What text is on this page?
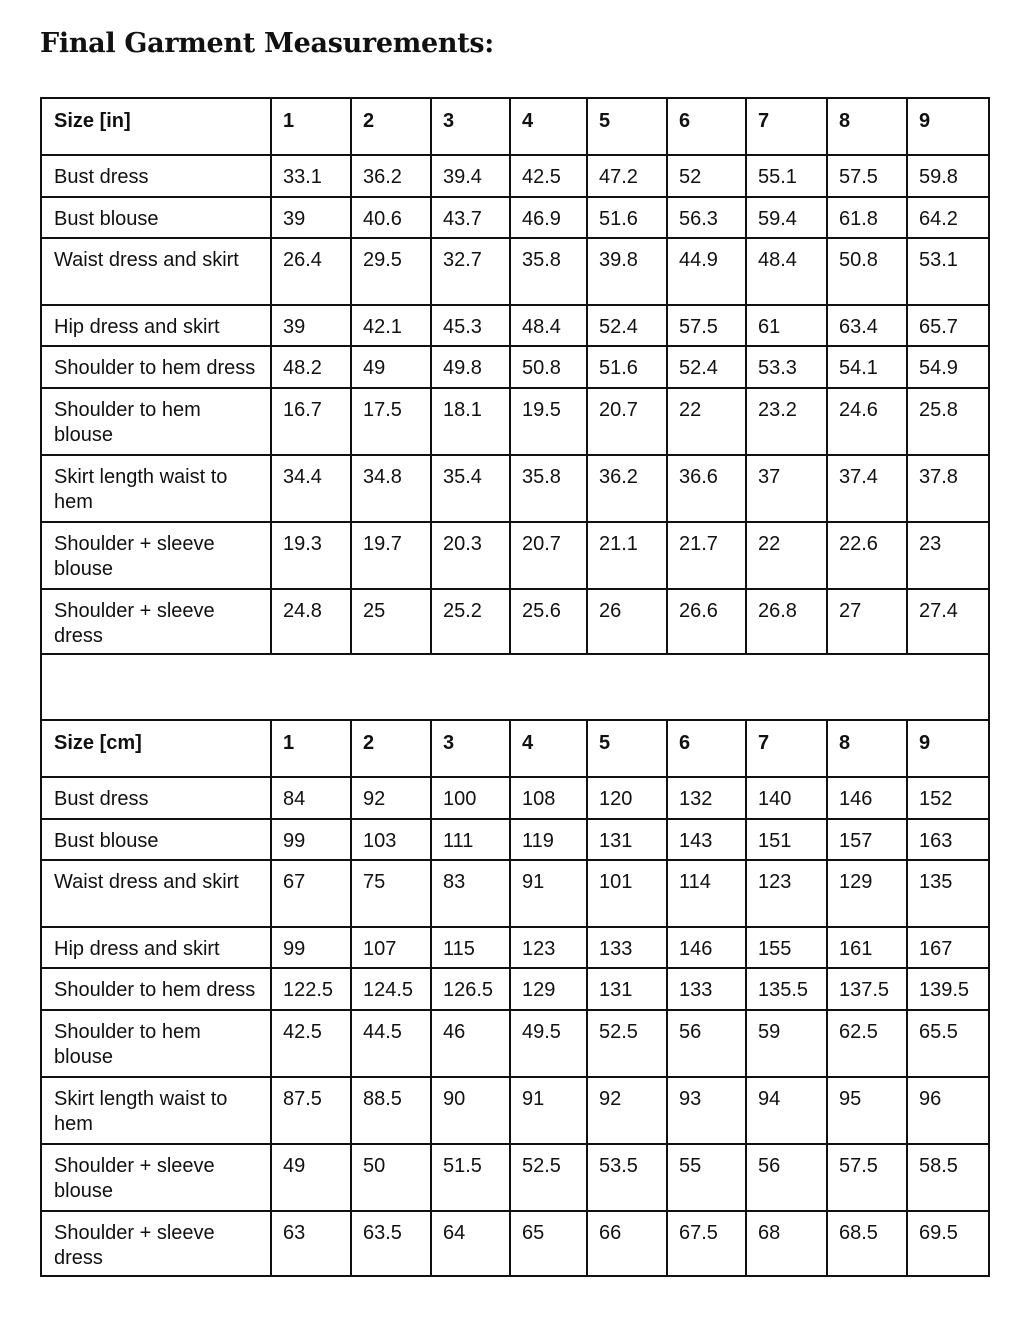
Final Garment Measurements:
Size [in]	1	2	3	4	5	6	7	8	9
Bust dress	33.1	36.2	39.4	42.5	47.2	52	55.1	57.5	59.8
Bust blouse	39	40.6	43.7	46.9	51.6	56.3	59.4	61.8	64.2
Waist dress and skirt	26.4	29.5	32.7	35.8	39.8	44.9	48.4	50.8	53.1
Hip dress and skirt	39	42.1	45.3	48.4	52.4	57.5	61	63.4	65.7
Shoulder to hem dress	48.2	49	49.8	50.8	51.6	52.4	53.3	54.1	54.9
Shoulder to hem blouse	16.7	17.5	18.1	19.5	20.7	22	23.2	24.6	25.8
Skirt length waist to hem	34.4	34.8	35.4	35.8	36.2	36.6	37	37.4	37.8
Shoulder + sleeve blouse	19.3	19.7	20.3	20.7	21.1	21.7	22	22.6	23
Shoulder + sleeve dress	24.8	25	25.2	25.6	26	26.6	26.8	27	27.4

Size [cm]	1	2	3	4	5	6	7	8	9
Bust dress	84	92	100	108	120	132	140	146	152
Bust blouse	99	103	111	119	131	143	151	157	163
Waist dress and skirt	67	75	83	91	101	114	123	129	135
Hip dress and skirt	99	107	115	123	133	146	155	161	167
Shoulder to hem dress	122.5	124.5	126.5	129	131	133	135.5	137.5	139.5
Shoulder to hem blouse	42.5	44.5	46	49.5	52.5	56	59	62.5	65.5
Skirt length waist to hem	87.5	88.5	90	91	92	93	94	95	96
Shoulder + sleeve blouse	49	50	51.5	52.5	53.5	55	56	57.5	58.5
Shoulder + sleeve dress	63	63.5	64	65	66	67.5	68	68.5	69.5
